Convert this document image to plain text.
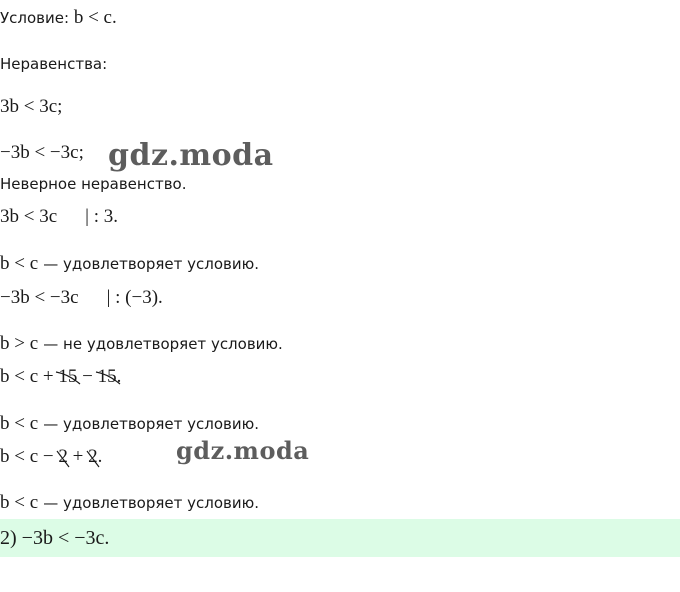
Условие: b < c.
Неравенства:
3b < 3c;
−3b < −3c; gdz.moda
Неверное неравенство.
3b < 3c | : 3.
b < c — удовлетворяет условию.
−3b < −3c | : (−3).
b > c — не удовлетворяет условию.
b < c + 15
− 15
.
b < c — удовлетворяет условию.
b < c − 2
+ 2
.	gdz.moda
b < c — удовлетворяет условию.
2) −3b < −3c.
